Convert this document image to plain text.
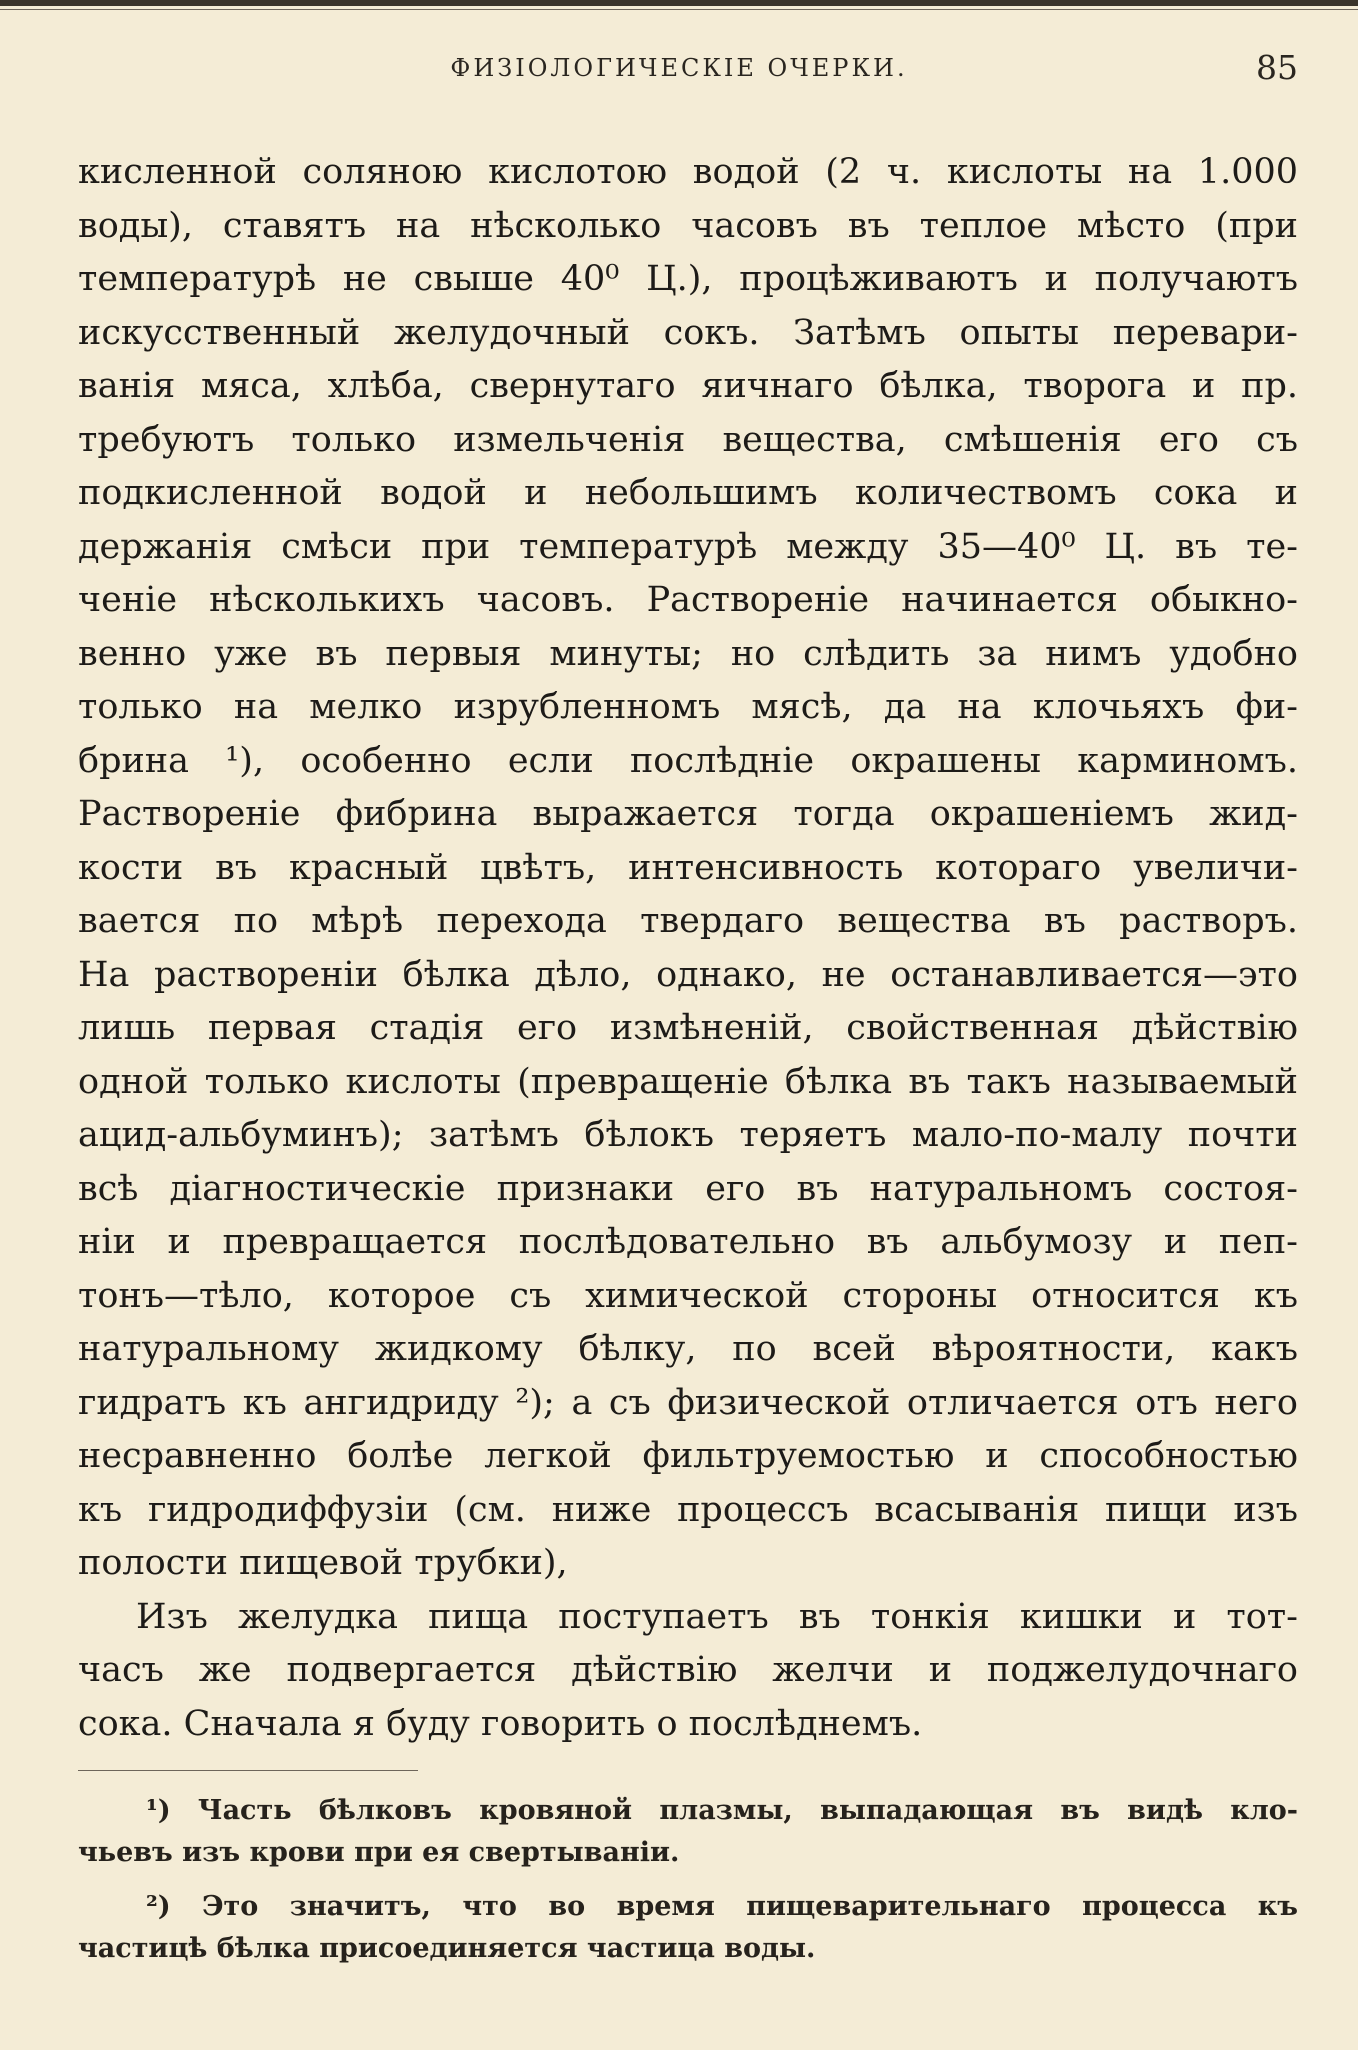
ФИЗIОЛОГИЧЕСКIЕ ОЧЕРКИ.	85
кисленной соляною кислотою водой (2 ч. кислоты на 1.000
воды), ставятъ на нѣсколько часовъ въ теплое мѣсто (при
температурѣ не свыше 40⁰ Ц.), процѣживаютъ и получаютъ
искусственный желудочный сокъ. Затѣмъ опыты перевари-
ванiя мяса, хлѣба, свернутаго яичнаго бѣлка, творога и пр.
требуютъ только измельченiя вещества, смѣшенiя его съ
подкисленной водой и небольшимъ количествомъ сока и
держанiя смѣси при температурѣ между 35—40⁰ Ц. въ те-
ченiе нѣсколькихъ часовъ. Растворенiе начинается обыкно-
венно уже въ первыя минуты; но слѣдить за нимъ удобно
только на мелко изрубленномъ мясѣ, да на клочьяхъ фи-
брина ¹), особенно если послѣднiе окрашены карминомъ.
Растворенiе фибрина выражается тогда окрашенiемъ жид-
кости въ красный цвѣтъ, интенсивность котораго увеличи-
вается по мѣрѣ перехода твердаго вещества въ растворъ.
На растворенiи бѣлка дѣло, однако, не останавливается—это
лишь первая стадiя его измѣненiй, свойственная дѣйствiю
одной только кислоты (превращенiе бѣлка въ такъ называемый
ацид-альбуминъ); затѣмъ бѣлокъ теряетъ мало-по-малу почти
всѣ дiагностическiе признаки его въ натуральномъ состоя-
нiи и превращается послѣдовательно въ альбумозу и пеп-
тонъ—тѣло, которое съ химической стороны относится къ
натуральному жидкому бѣлку, по всей вѣроятности, какъ
гидратъ къ ангидриду ²); а съ физической отличается отъ него
несравненно болѣе легкой фильтруемостью и способностью
къ гидродиффузiи (см. ниже процессъ всасыванiя пищи изъ
полости пищевой трубки),
Изъ желудка пища поступаетъ въ тонкiя кишки и тот-
часъ же подвергается дѣйствiю желчи и поджелудочнаго
сока. Сначала я буду говорить о послѣднемъ.
¹) Часть бѣлковъ кровяной плазмы, выпадающая въ видѣ кло-
чьевъ изъ крови при ея свертыванiи.
²) Это значитъ, что во время пищеварительнаго процесса къ
частицѣ бѣлка присоединяется частица воды.
